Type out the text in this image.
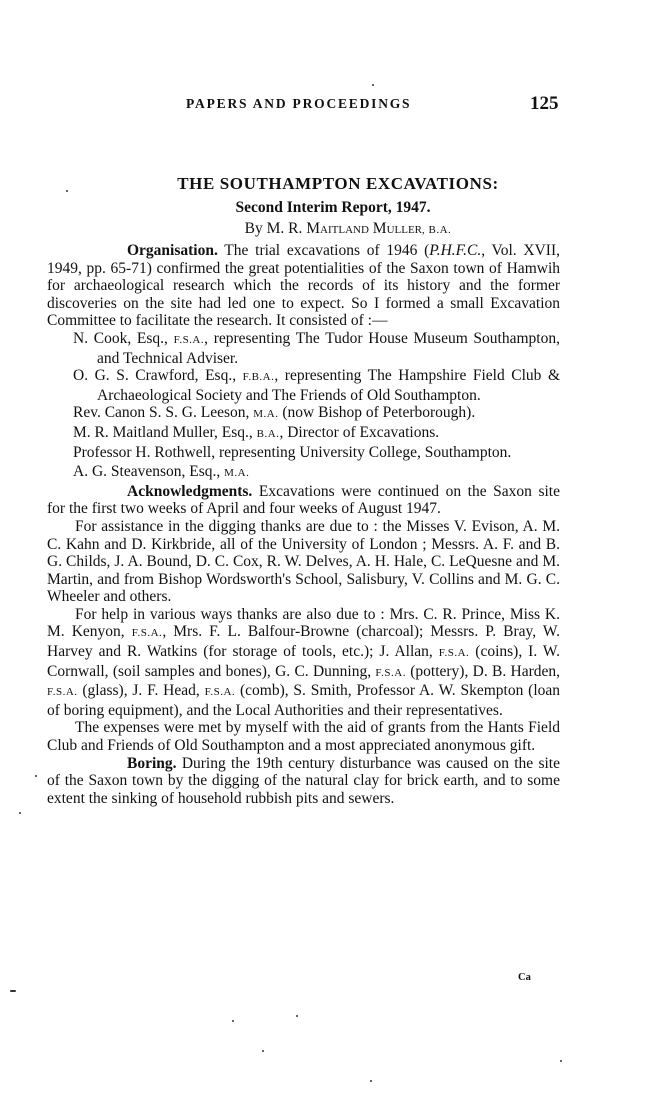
PAPERS AND PROCEEDINGS	125
THE SOUTHAMPTON EXCAVATIONS:
Second Interim Report, 1947.
By M. R. Maitland Muller, B.A.

Organisation. The trial excavations of 1946 (P.H.F.C., Vol. XVII, 1949, pp. 65-71) confirmed the great potentialities of the Saxon town of Hamwih for archaeological research which the records of its history and the former discoveries on the site had led one to expect. So I formed a small Excavation Committee to facilitate the research. It consisted of :—

N. Cook, Esq., F.S.A., representing The Tudor House Museum Southampton, and Technical Adviser.

O. G. S. Crawford, Esq., F.B.A., representing The Hampshire Field Club & Archaeological Society and The Friends of Old Southampton.

Rev. Canon S. S. G. Leeson, M.A. (now Bishop of Peterborough).

M. R. Maitland Muller, Esq., B.A., Director of Excavations.

Professor H. Rothwell, representing University College, Southampton.

A. G. Steavenson, Esq., M.A.

Acknowledgments. Excavations were continued on the Saxon site for the first two weeks of April and four weeks of August 1947.

For assistance in the digging thanks are due to : the Misses V. Evison, A. M. C. Kahn and D. Kirkbride, all of the University of London ; Messrs. A. F. and B. G. Childs, J. A. Bound, D. C. Cox, R. W. Delves, A. H. Hale, C. LeQuesne and M. Martin, and from Bishop Wordsworth's School, Salisbury, V. Collins and M. G. C. Wheeler and others.

For help in various ways thanks are also due to : Mrs. C. R. Prince, Miss K. M. Kenyon, F.S.A., Mrs. F. L. Balfour-Browne (charcoal); Messrs. P. Bray, W. Harvey and R. Watkins (for storage of tools, etc.); J. Allan, F.S.A. (coins), I. W. Cornwall, (soil samples and bones), G. C. Dunning, F.S.A. (pottery), D. B. Harden, F.S.A. (glass), J. F. Head, F.S.A. (comb), S. Smith, Professor A. W. Skempton (loan of boring equipment), and the Local Authorities and their representatives.

The expenses were met by myself with the aid of grants from the Hants Field Club and Friends of Old Southampton and a most appreciated anonymous gift.

Boring. During the 19th century disturbance was caused on the site of the Saxon town by the digging of the natural clay for brick earth, and to some extent the sinking of household rubbish pits and sewers.

Ca
